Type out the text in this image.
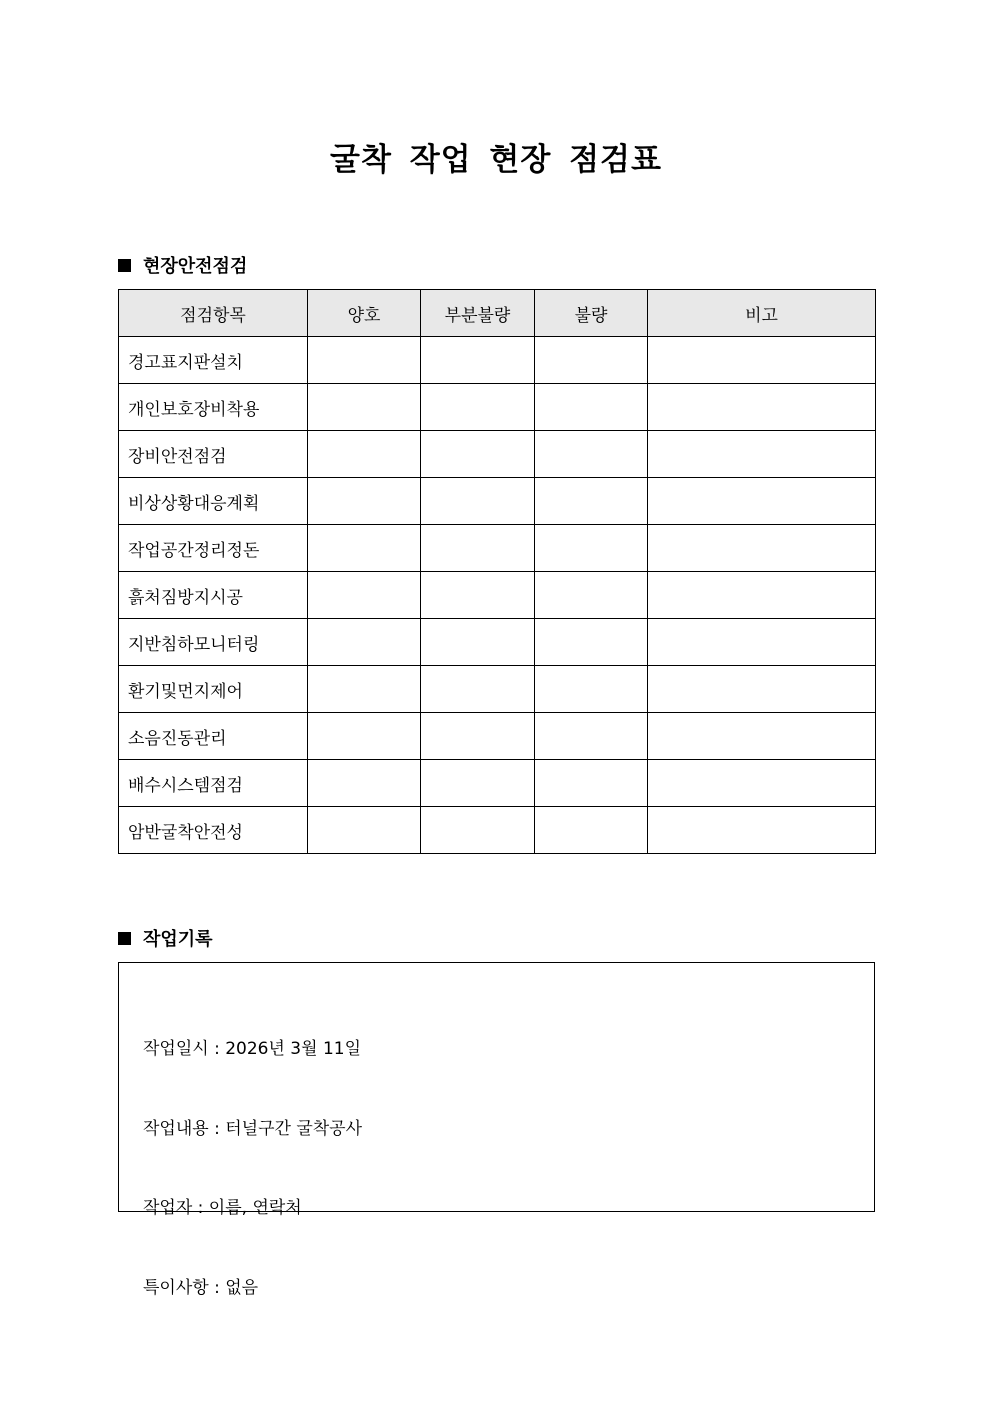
굴착 작업 현장 점검표
현장안전점검
점검항목	양호	부분불량	불량	비고
경고표지판설치				
개인보호장비착용				
장비안전점검				
비상상황대응계획				
작업공간정리정돈				
흙처짐방지시공				
지반침하모니터링				
환기및먼지제어				
소음진동관리				
배수시스템점검				
암반굴착안전성				
작업기록

작업일시 : 2026년 3월 11일

작업내용 : 터널구간 굴착공사

작업자 : 이름, 연락처

특이사항 : 없음
